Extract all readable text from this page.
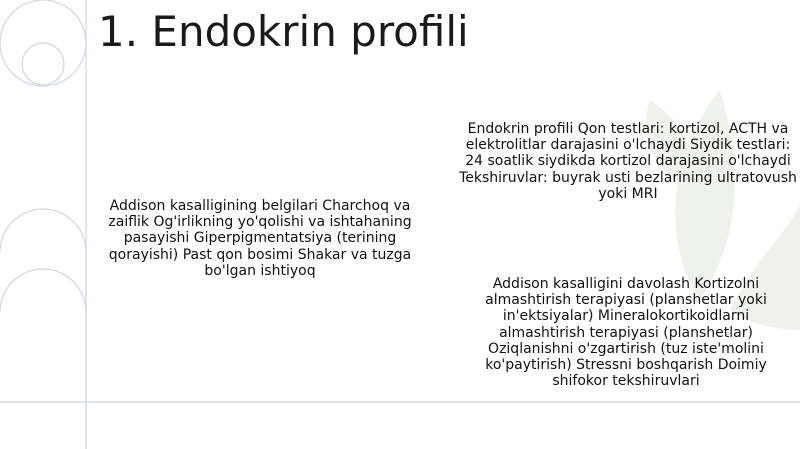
1. Endokrin profili
Addison kasalligining belgilari Charchoq va zaiflik Og'irlikning yo'qolishi va ishtahaning pasayishi Giperpigmentatsiya (terining qorayishi) Past qon bosimi Shakar va tuzga bo'lgan ishtiyoq
Endokrin profili Qon testlari: kortizol, ACTH va elektrolitlar darajasini o'lchaydi Siydik testlari: 24 soatlik siydikda kortizol darajasini o'lchaydi Tekshiruvlar: buyrak usti bezlarining ultratovush yoki MRI
Addison kasalligini davolash Kortizolni almashtirish terapiyasi (planshetlar yoki in'ektsiyalar) Mineralokortikoidlarni almashtirish terapiyasi (planshetlar) Oziqlanishni o'zgartirish (tuz iste'molini ko'paytirish) Stressni boshqarish Doimiy shifokor tekshiruvlari
